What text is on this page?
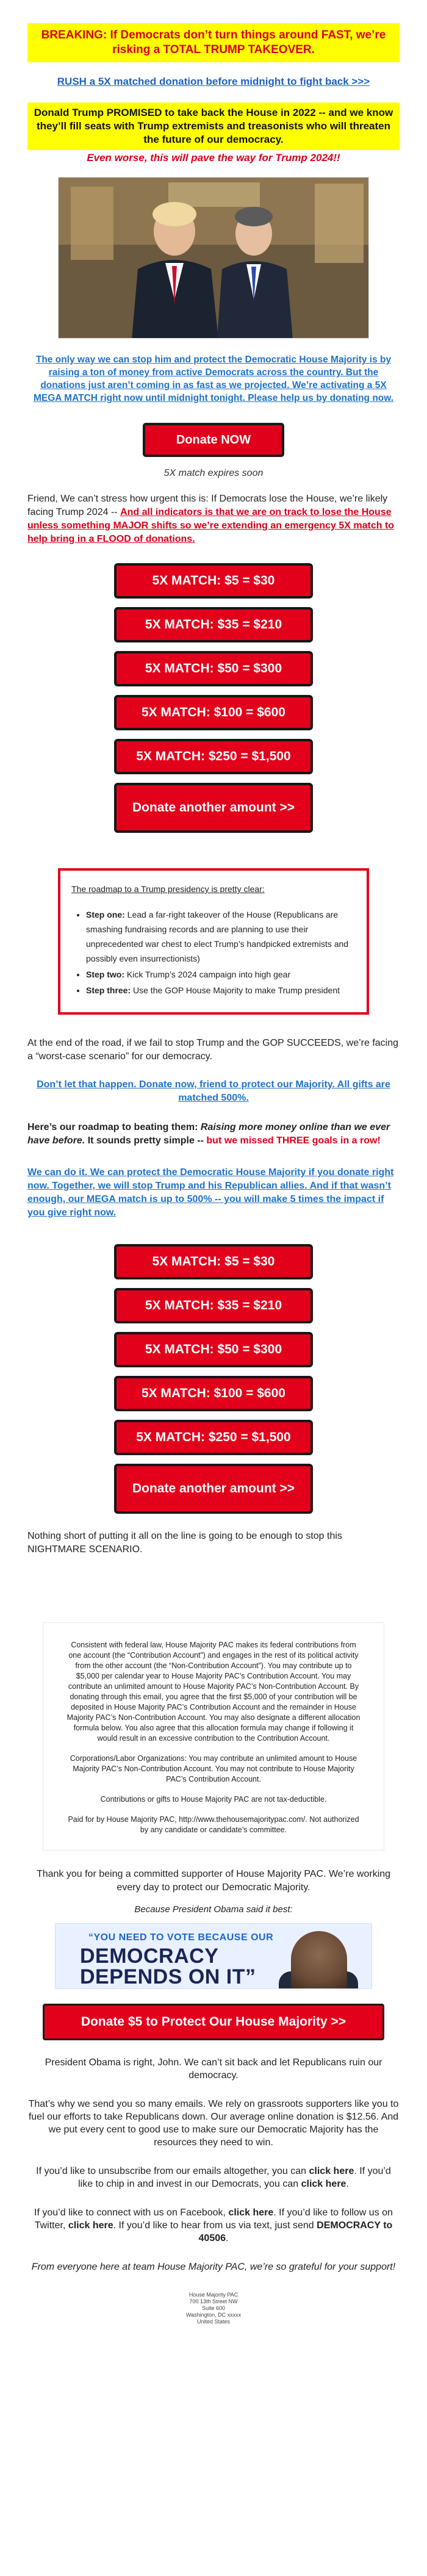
BREAKING: If Democrats don’t turn things around FAST, we’re risking a TOTAL TRUMP TAKEOVER.
RUSH a 5X matched donation before midnight to fight back >>>
Donald Trump PROMISED to take back the House in 2022 -- and we know they’ll fill seats with Trump extremists and treasonists who will threaten the future of our democracy.
Even worse, this will pave the way for Trump 2024!!
The only way we can stop him and protect the Democratic House Majority is by raising a ton of money from active Democrats across the country. But the donations just aren’t coming in as fast as we projected. We’re activating a 5X MEGA MATCH right now until midnight tonight. Please help us by donating now.
Donate NOW
5X match expires soon

Friend, We can’t stress how urgent this is: If Democrats lose the House, we’re likely facing Trump 2024 -- And all indicators is that we are on track to lose the House unless something MAJOR shifts so we’re extending an emergency 5X match to help bring in a FLOOD of donations.

5X MATCH: $5 = $30
5X MATCH: $35 = $210
5X MATCH: $50 = $300
5X MATCH: $100 = $600
5X MATCH: $250 = $1,500
Donate another amount >>
The roadmap to a Trump presidency is pretty clear:
• Step one: Lead a far-right takeover of the House (Republicans are smashing fundraising records and are planning to use their unprecedented war chest to elect Trump’s handpicked extremists and possibly even insurrectionists)
• Step two: Kick Trump’s 2024 campaign into high gear
• Step three: Use the GOP House Majority to make Trump president

At the end of the road, if we fail to stop Trump and the GOP SUCCEEDS, we’re facing a “worst-case scenario” for our democracy.

Don’t let that happen. Donate now, friend to protect our Majority. All gifts are matched 500%.

Here’s our roadmap to beating them: Raising more money online than we ever have before. It sounds pretty simple -- but we missed THREE goals in a row!

We can do it. We can protect the Democratic House Majority if you donate right now. Together, we will stop Trump and his Republican allies. And if that wasn’t enough, our MEGA match is up to 500% -- you will make 5 times the impact if you give right now.

5X MATCH: $5 = $30
5X MATCH: $35 = $210
5X MATCH: $50 = $300
5X MATCH: $100 = $600
5X MATCH: $250 = $1,500
Donate another amount >>

Nothing short of putting it all on the line is going to be enough to stop this NIGHTMARE SCENARIO.

Consistent with federal law, House Majority PAC makes its federal contributions from one account (the “Contribution Account”) and engages in the rest of its political activity from the other account (the “Non-Contribution Account”). You may contribute up to $5,000 per calendar year to House Majority PAC’s Contribution Account. You may contribute an unlimited amount to House Majority PAC’s Non-Contribution Account. By donating through this email, you agree that the first $5,000 of your contribution will be deposited in House Majority PAC’s Contribution Account and the remainder in House Majority PAC’s Non-Contribution Account. You may also designate a different allocation formula below. You also agree that this allocation formula may change if following it would result in an excessive contribution to the Contribution Account.

Corporations/Labor Organizations: You may contribute an unlimited amount to House Majority PAC’s Non-Contribution Account. You may not contribute to House Majority PAC’s Contribution Account.

Contributions or gifts to House Majority PAC are not tax-deductible.

Paid for by House Majority PAC, http://www.thehousemajoritypac.com/. Not authorized by any candidate or candidate’s committee.

Thank you for being a committed supporter of House Majority PAC. We’re working every day to protect our Democratic Majority.

Because President Obama said it best:

“YOU NEED TO VOTE BECAUSE OUR
DEMOCRACY
DEPENDS ON IT”
Donate $5 to Protect Our House Majority >>

President Obama is right, John. We can’t sit back and let Republicans ruin our democracy.

That’s why we send you so many emails. We rely on grassroots supporters like you to fuel our efforts to take Republicans down. Our average online donation is $12.56. And we put every cent to good use to make sure our Democratic Majority has the resources they need to win.

If you’d like to unsubscribe from our emails altogether, you can click here. If you’d like to chip in and invest in our Democrats, you can click here.

If you’d like to connect with us on Facebook, click here. If you’d like to follow us on Twitter, click here. If you’d like to hear from us via text, just send DEMOCRACY to 40506.

From everyone here at team House Majority PAC, we’re so grateful for your support!

House Majority PAC
700 13th Street NW
Suite 600
Washington, DC xxxxx
United States
